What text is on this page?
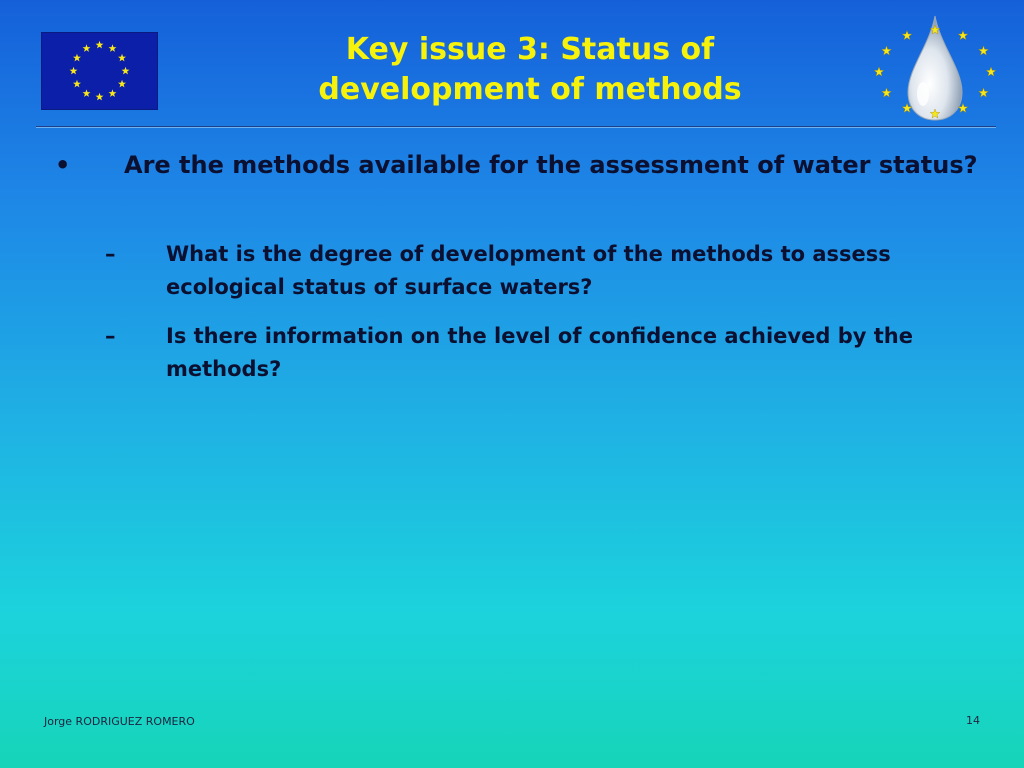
Key issue 3: Status of
development of methods
• Are the methods available for the assessment of water status?
– What is the degree of development of the methods to assess ecological status of surface waters?
– Is there information on the level of confidence achieved by the methods?
Jorge RODRIGUEZ ROMERO	14
